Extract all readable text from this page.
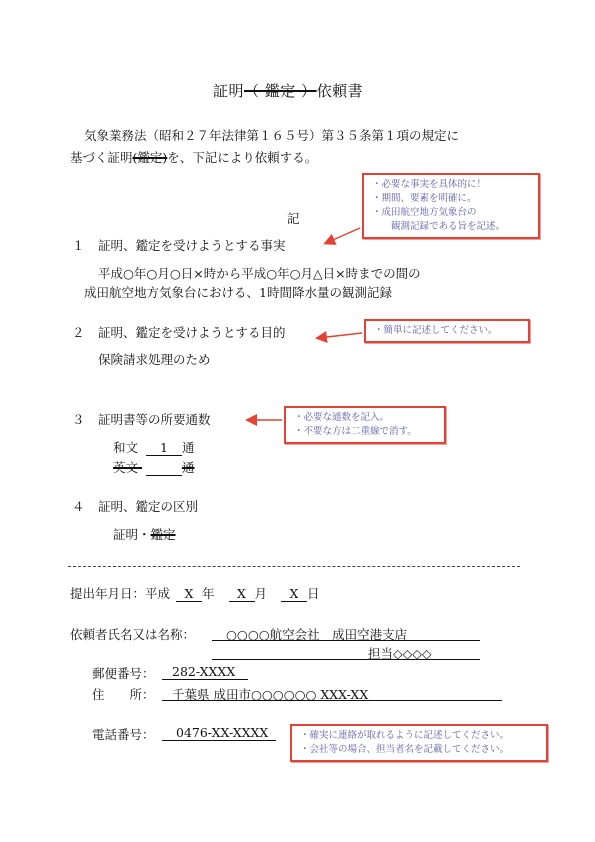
証明（ 鑑定 ）依頼書
気象業務法（昭和２７年法律第１６５号）第３５条第１項の規定に
基づく証明(鑑定)を、下記により依頼する。
記
１ 証明、鑑定を受けようとする事実
平成○年○月○日×時から平成○年○月△日×時までの間の
成田航空地方気象台における、1時間降水量の観測記録
２ 証明、鑑定を受けようとする目的
保険請求処理のため
３ 証明書等の所要通数
和文 1 通
英文	通
４ 証明、鑑定の区別
証明・鑑定
提出年月日：平成 X 年 X 月 X 日
依頼者氏名又は名称： ○○○○航空会社　成田空港支店
担当◇◇◇◇
郵便番号： 282-XXXX
住　　所： 千葉県 成田市○○○○○○ XXX-XX
電話番号： 0476-XX-XXXX
・必要な事実を具体的に！
・期間、要素を明確に。
・成田航空地方気象台の
　　観測記録である旨を記述。
・簡単に記述してください。
・必要な通数を記入。
・不要な方は二重線で消す。
・確実に連絡が取れるように記述してください。
・会社等の場合、担当者名を記載してください。
